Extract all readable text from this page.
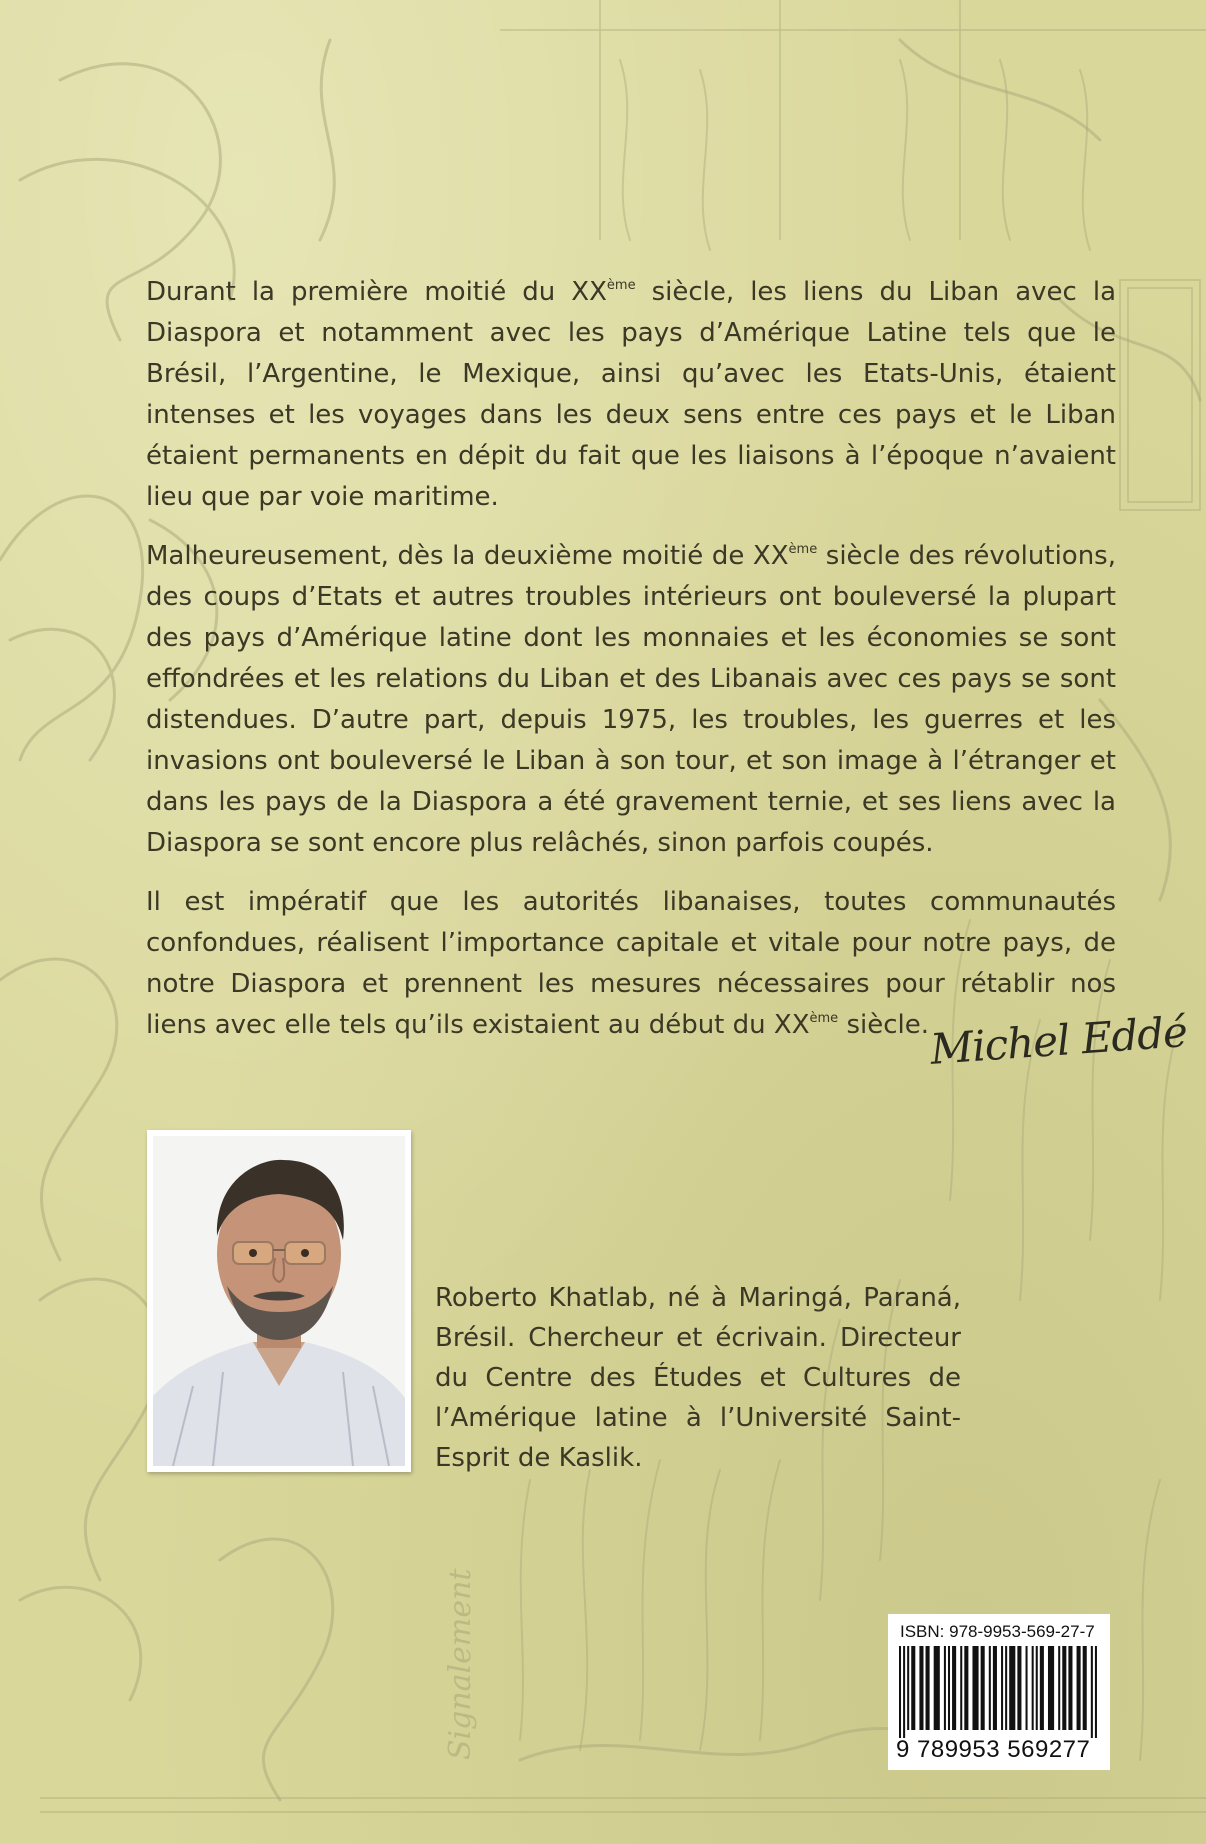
Signalement

Durant la première moitié du XXème siècle, les liens du Liban avec la Diaspora et notamment avec les pays d’Amérique Latine tels que le Brésil, l’Argentine, le Mexique, ainsi qu’avec les Etats-Unis, étaient intenses et les voyages dans les deux sens entre ces pays et le Liban étaient permanents en dépit du fait que les liaisons à l’époque n’avaient lieu que par voie maritime.

Malheureusement, dès la deuxième moitié de XXème siècle des révolutions, des coups d’Etats et autres troubles intérieurs ont bouleversé la plupart des pays d’Amérique latine dont les monnaies et les économies se sont effondrées et les relations du Liban et des Libanais avec ces pays se sont distendues. D’autre part, depuis 1975, les troubles, les guerres et les invasions ont bouleversé le Liban à son tour, et son image à l’étranger et dans les pays de la Diaspora a été gravement ternie, et ses liens avec la Diaspora se sont encore plus relâchés, sinon parfois coupés.

Il est impératif que les autorités libanaises, toutes communautés confondues, réalisent l’importance capitale et vitale pour notre pays, de notre Diaspora et prennent les mesures nécessaires pour rétablir nos liens avec elle tels qu’ils existaient au début du XXème siècle. Michel Eddé
Roberto Khatlab, né à Maringá, Paraná, Brésil. Chercheur et écrivain. Directeur du Centre des Études et Cultures de l’Amérique latine à l’Université Saint-Esprit de Kaslik.
ISBN: 978-9953-569-27-7
9 789953 569277
